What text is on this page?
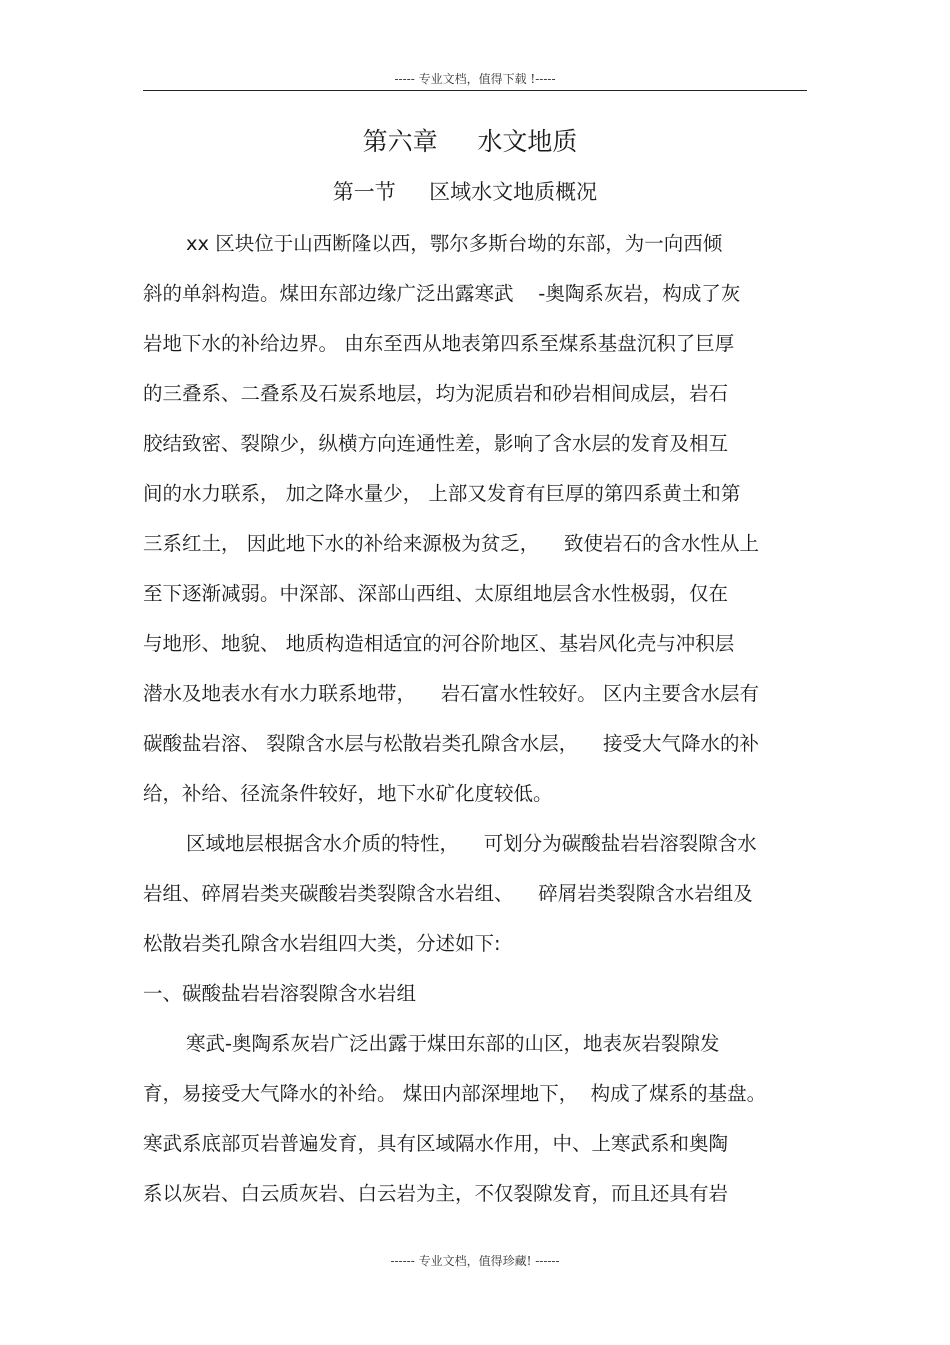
----- 专业文档，值得下载 !-----
第六章     水文地质
第一节     区域水文地质概况
xx 区块位于山西断隆以西，鄂尔多斯台坳的东部，为一向西倾
斜的单斜构造。煤田东部边缘广泛出露寒武    -奥陶系灰岩，构成了灰
岩地下水的补给边界。 由东至西从地表第四系至煤系基盘沉积了巨厚
的三叠系、二叠系及石炭系地层，均为泥质岩和砂岩相间成层，岩石
胶结致密、裂隙少，纵横方向连通性差，影响了含水层的发育及相互
间的水力联系， 加之降水量少， 上部又发育有巨厚的第四系黄土和第
三系红土， 因此地下水的补给来源极为贫乏，    致使岩石的含水性从上
至下逐渐减弱。中深部、深部山西组、太原组地层含水性极弱，仅在
与地形、地貌、 地质构造相适宜的河谷阶地区、基岩风化壳与冲积层
潜水及地表水有水力联系地带，    岩石富水性较好。 区内主要含水层有
碳酸盐岩溶、 裂隙含水层与松散岩类孔隙含水层，    接受大气降水的补
给，补给、径流条件较好，地下水矿化度较低。
区域地层根据含水介质的特性，    可划分为碳酸盐岩岩溶裂隙含水
岩组、碎屑岩类夹碳酸岩类裂隙含水岩组、    碎屑岩类裂隙含水岩组及
松散岩类孔隙含水岩组四大类，分述如下:
一、碳酸盐岩岩溶裂隙含水岩组
寒武-奥陶系灰岩广泛出露于煤田东部的山区，地表灰岩裂隙发
育，易接受大气降水的补给。 煤田内部深埋地下，  构成了煤系的基盘。
寒武系底部页岩普遍发育，具有区域隔水作用，中、上寒武系和奥陶
系以灰岩、白云质灰岩、白云岩为主，不仅裂隙发育，而且还具有岩
------ 专业文档，值得珍藏! ------
